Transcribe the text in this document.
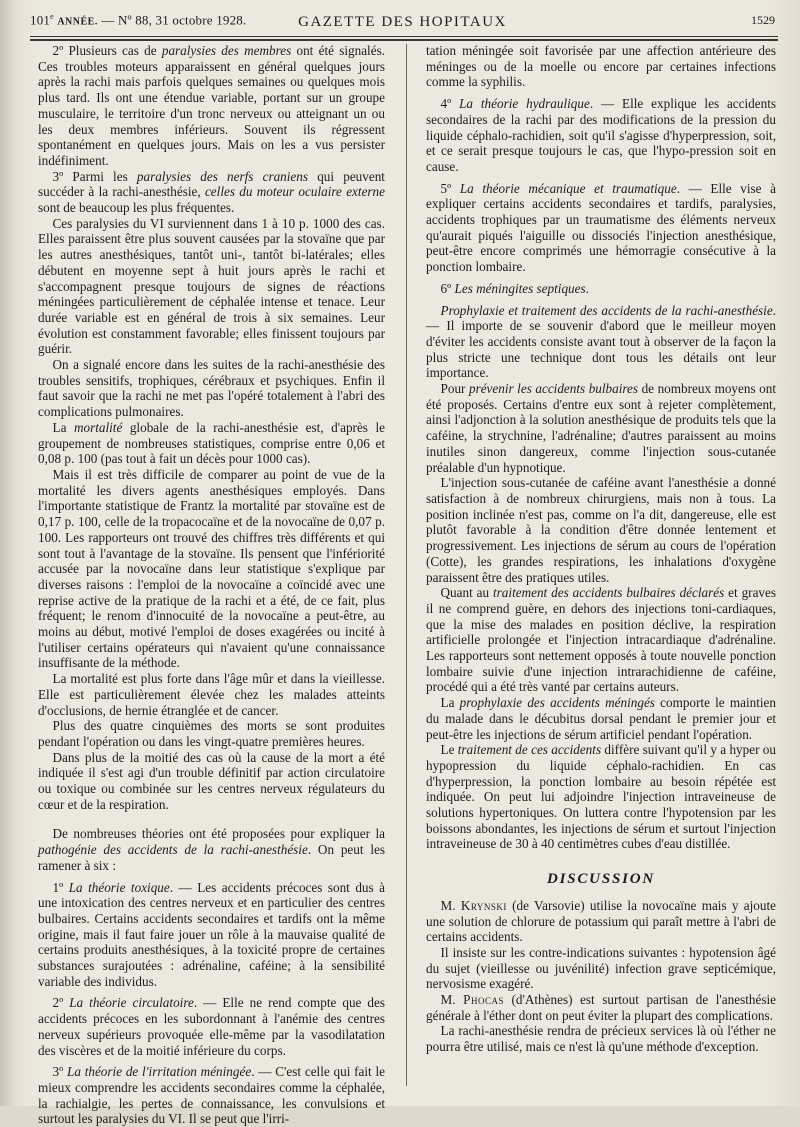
101e ANNÉE. — Nº 88, 31 octobre 1928.	GAZETTE DES HOPITAUX	1529

2º Plusieurs cas de paralysies des membres ont été signalés. Ces troubles moteurs apparaissent en général quelques jours après la rachi mais parfois quelques semaines ou quelques mois plus tard. Ils ont une étendue variable, portant sur un groupe musculaire, le territoire d'un tronc nerveux ou atteignant un ou les deux membres inférieurs. Souvent ils régressent spontanément en quelques jours. Mais on les a vus persister indéfiniment.

3º Parmi les paralysies des nerfs craniens qui peuvent succéder à la rachi-anesthésie, celles du moteur oculaire externe sont de beaucoup les plus fréquentes.

Ces paralysies du VI surviennent dans 1 à 10 p. 1000 des cas. Elles paraissent être plus souvent causées par la stovaïne que par les autres anesthésiques, tantôt uni-, tantôt bi-latérales; elles débutent en moyenne sept à huit jours après le rachi et s'accompagnent presque toujours de signes de réactions méningées particulièrement de céphalée intense et tenace. Leur durée variable est en général de trois à six semaines. Leur évolution est constamment favorable; elles finissent toujours par guérir.

On a signalé encore dans les suites de la rachi-anesthésie des troubles sensitifs, trophiques, cérébraux et psychiques. Enfin il faut savoir que la rachi ne met pas l'opéré totalement à l'abri des complications pulmonaires.

La mortalité globale de la rachi-anesthésie est, d'après le groupement de nombreuses statistiques, comprise entre 0,06 et 0,08 p. 100 (pas tout à fait un décès pour 1000 cas).

Mais il est très difficile de comparer au point de vue de la mortalité les divers agents anesthésiques employés. Dans l'importante statistique de Frantz la mortalité par stovaïne est de 0,17 p. 100, celle de la tropacocaïne et de la novocaïne de 0,07 p. 100. Les rapporteurs ont trouvé des chiffres très différents et qui sont tout à l'avantage de la stovaïne. Ils pensent que l'infériorité accusée par la novocaïne dans leur statistique s'explique par diverses raisons : l'emploi de la novocaïne a coïncidé avec une reprise active de la pratique de la rachi et a été, de ce fait, plus fréquent; le renom d'innocuité de la novocaïne a peut-être, au moins au début, motivé l'emploi de doses exagérées ou incité à l'utiliser certains opérateurs qui n'avaient qu'une connaissance insuffisante de la méthode.

La mortalité est plus forte dans l'âge mûr et dans la vieillesse. Elle est particulièrement élevée chez les malades atteints d'occlusions, de hernie étranglée et de cancer.

Plus des quatre cinquièmes des morts se sont produites pendant l'opération ou dans les vingt-quatre premières heures.

Dans plus de la moitié des cas où la cause de la mort a été indiquée il s'est agi d'un trouble définitif par action circulatoire ou toxique ou combinée sur les centres nerveux régulateurs du cœur et de la respiration.

De nombreuses théories ont été proposées pour expliquer la pathogénie des accidents de la rachi-anesthésie. On peut les ramener à six :

1º La théorie toxique. — Les accidents précoces sont dus à une intoxication des centres nerveux et en particulier des centres bulbaires. Certains accidents secondaires et tardifs ont la même origine, mais il faut faire jouer un rôle à la mauvaise qualité de certains produits anesthésiques, à la toxicité propre de certaines substances surajoutées : adrénaline, caféine; à la sensibilité variable des individus.

2º La théorie circulatoire. — Elle ne rend compte que des accidents précoces en les subordonnant à l'anémie des centres nerveux supérieurs provoquée elle-même par la vasodilatation des viscères et de la moitié inférieure du corps.

3º La théorie de l'irritation méningée. — C'est celle qui fait le mieux comprendre les accidents secondaires comme la céphalée, la rachialgie, les pertes de connaissance, les convulsions et surtout les paralysies du VI. Il se peut que l'irri-

tation méningée soit favorisée par une affection antérieure des méninges ou de la moelle ou encore par certaines infections comme la syphilis.

4º La théorie hydraulique. — Elle explique les accidents secondaires de la rachi par des modifications de la pression du liquide céphalo-rachidien, soit qu'il s'agisse d'hyperpression, soit, et ce serait presque toujours le cas, que l'hypo-pression soit en cause.

5º La théorie mécanique et traumatique. — Elle vise à expliquer certains accidents secondaires et tardifs, paralysies, accidents trophiques par un traumatisme des éléments nerveux qu'aurait piqués l'aiguille ou dissociés l'injection anesthésique, peut-être encore comprimés une hémorragie consécutive à la ponction lombaire.

6º Les méningites septiques.

Prophylaxie et traitement des accidents de la rachi-anesthésie. — Il importe de se souvenir d'abord que le meilleur moyen d'éviter les accidents consiste avant tout à observer de la façon la plus stricte une technique dont tous les détails ont leur importance.

Pour prévenir les accidents bulbaires de nombreux moyens ont été proposés. Certains d'entre eux sont à rejeter complètement, ainsi l'adjonction à la solution anesthésique de produits tels que la caféine, la strychnine, l'adrénaline; d'autres paraissent au moins inutiles sinon dangereux, comme l'injection sous-cutanée préalable d'un hypnotique.

L'injection sous-cutanée de caféine avant l'anesthésie a donné satisfaction à de nombreux chirurgiens, mais non à tous. La position inclinée n'est pas, comme on l'a dit, dangereuse, elle est plutôt favorable à la condition d'être donnée lentement et progressivement. Les injections de sérum au cours de l'opération (Cotte), les grandes respirations, les inhalations d'oxygène paraissent être des pratiques utiles.

Quant au traitement des accidents bulbaires déclarés et graves il ne comprend guère, en dehors des injections toni-cardiaques, que la mise des malades en position déclive, la respiration artificielle prolongée et l'injection intracardiaque d'adrénaline. Les rapporteurs sont nettement opposés à toute nouvelle ponction lombaire suivie d'une injection intrarachidienne de caféine, procédé qui a été très vanté par certains auteurs.

La prophylaxie des accidents méningés comporte le maintien du malade dans le décubitus dorsal pendant le premier jour et peut-être les injections de sérum artificiel pendant l'opération.

Le traitement de ces accidents diffère suivant qu'il y a hyper ou hypopression du liquide céphalo-rachidien. En cas d'hyperpression, la ponction lombaire au besoin répétée est indiquée. On peut lui adjoindre l'injection intraveineuse de solutions hypertoniques. On luttera contre l'hypotension par les boissons abondantes, les injections de sérum et surtout l'injection intraveineuse de 30 à 40 centimètres cubes d'eau distillée.

DISCUSSION

M. Krynski (de Varsovie) utilise la novocaïne mais y ajoute une solution de chlorure de potassium qui paraît mettre à l'abri de certains accidents.

Il insiste sur les contre-indications suivantes : hypotension âgé du sujet (vieillesse ou juvénilité) infection grave septicémique, nervosisme exagéré.

M. Phocas (d'Athènes) est surtout partisan de l'anesthésie générale à l'éther dont on peut éviter la plupart des complications.

La rachi-anesthésie rendra de précieux services là où l'éther ne pourra être utilisé, mais ce n'est là qu'une méthode d'exception.
